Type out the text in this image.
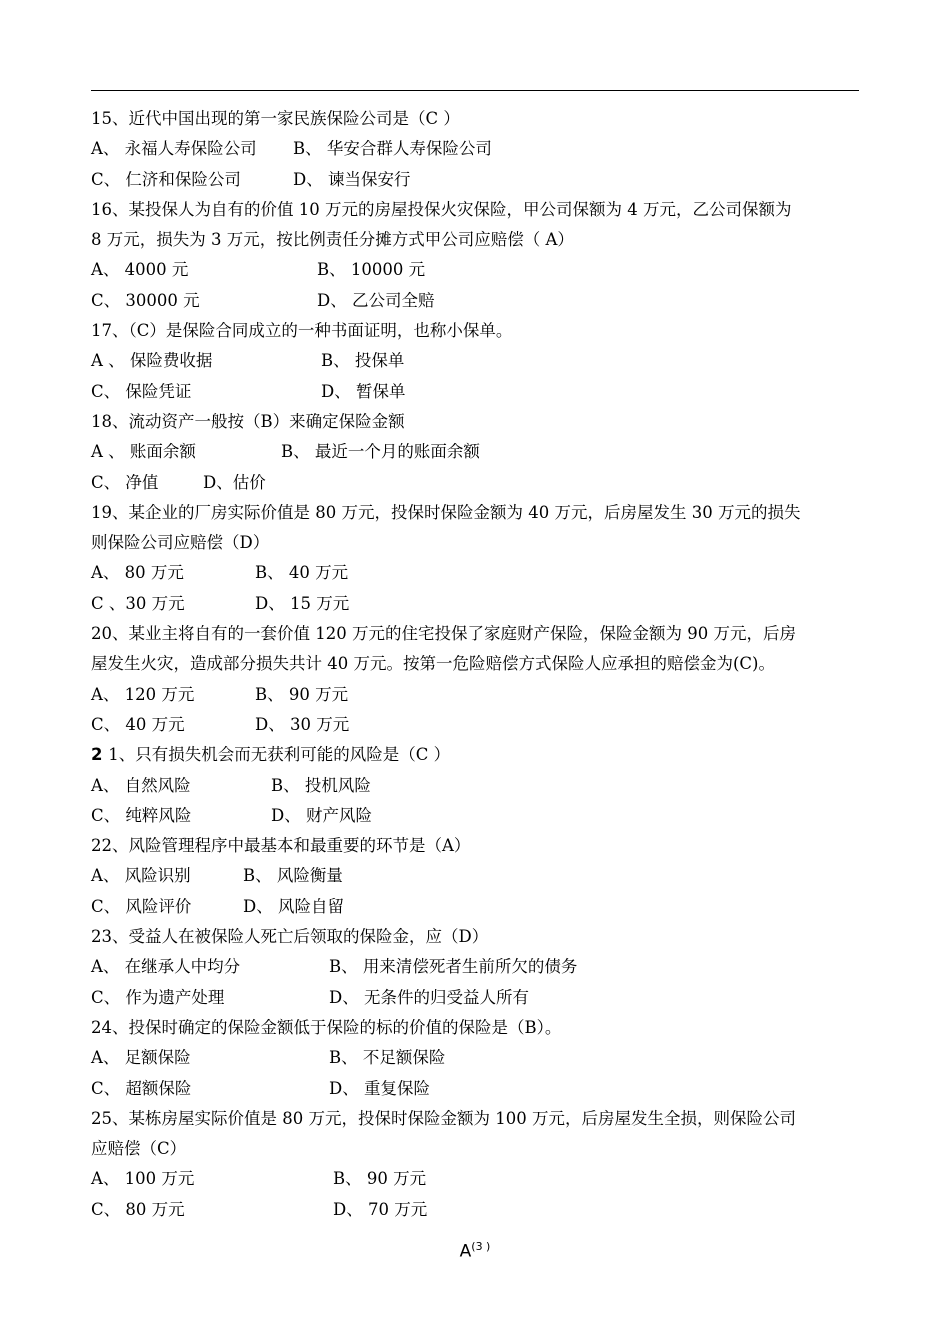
15、近代中国出现的第一家民族保险公司是（C ）
A、 永福人寿保险公司 B、 华安合群人寿保险公司
C、 仁济和保险公司	D、 谏当保安行
16、某投保人为自有的价值 10 万元的房屋投保火灾保险，甲公司保额为 4 万元，乙公司保额为
8 万元，损失为 3 万元，按比例责任分摊方式甲公司应赔偿（ A）
A、 4000 元	B、 10000 元
C、 30000 元	D、 乙公司全赔
17、（C）是保险合同成立的一种书面证明，也称小保单。
A 、 保险费收据	B、 投保单
C、 保险凭证	D、 暂保单
18、流动资产一般按（B）来确定保险金额
A 、 账面余额	B、 最近一个月的账面余额
C、 净值	D、估价
19、某企业的厂房实际价值是 80 万元，投保时保险金额为 40 万元，后房屋发生 30 万元的损失
则保险公司应赔偿（D）
A、 80 万元	B、 40 万元
C 、30 万元	D、 15 万元
20、某业主将自有的一套价值 120 万元的住宅投保了家庭财产保险，保险金额为 90 万元，后房
屋发生火灾，造成部分损失共计 40 万元。按第一危险赔偿方式保险人应承担的赔偿金为(C)。
A、 120 万元	B、 90 万元
C、 40 万元	D、 30 万元
2 1、只有损失机会而无获利可能的风险是（C ）
A、 自然风险	B、 投机风险
C、 纯粹风险	D、 财产风险
22、风险管理程序中最基本和最重要的环节是（A）
A、 风险识别	B、 风险衡量
C、 风险评价	D、 风险自留
23、受益人在被保险人死亡后领取的保险金，应（D）
A、 在继承人中均分	B、 用来清偿死者生前所欠的债务
C、 作为遗产处理	D、 无条件的归受益人所有
24、投保时确定的保险金额低于保险的标的价值的保险是（B）。
A、 足额保险	B、 不足额保险
C、 超额保险	D、 重复保险
25、某栋房屋实际价值是 80 万元，投保时保险金额为 100 万元，后房屋发生全损，则保险公司
应赔偿（C）
A、 100 万元	B、 90 万元
C、 80 万元	D、 70 万元
$A^{(3 )}$
